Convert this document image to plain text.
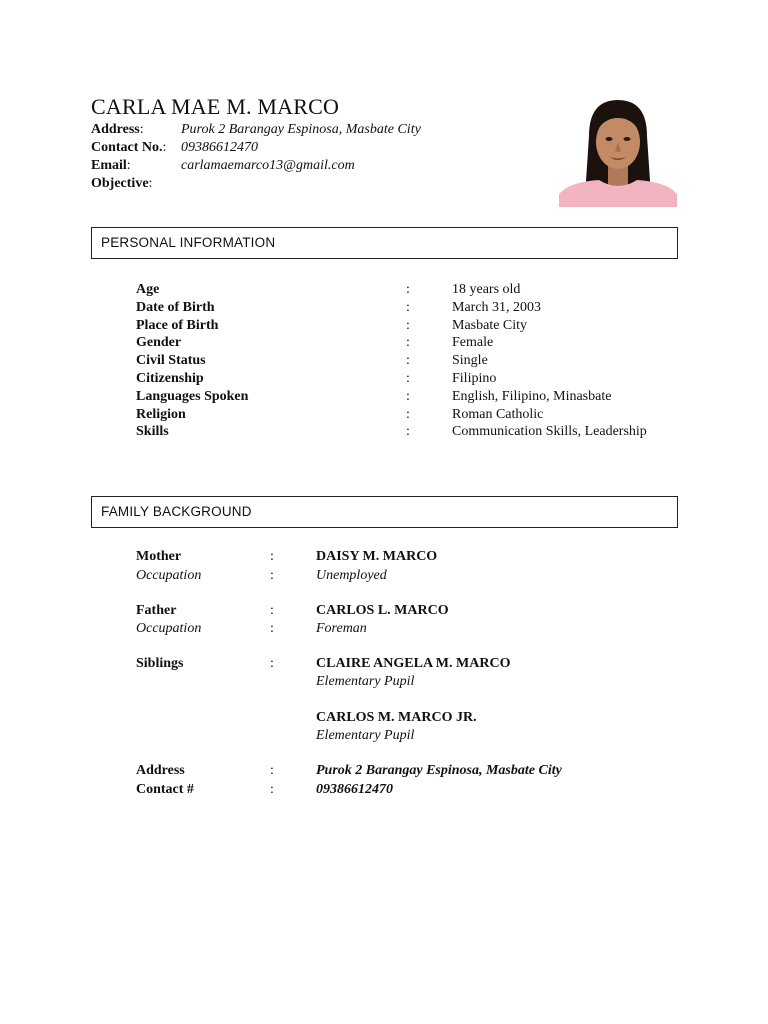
CARLA MAE M. MARCO
Address:	Purok 2 Barangay Espinosa, Masbate City
Contact No.: 09386612470
Email:	carlamaemarco13@gmail.com
Objective:
PERSONAL INFORMATION
Age	:	18 years old
Date of Birth	:	March 31, 2003
Place of Birth	:	Masbate City
Gender	:	Female
Civil Status	:	Single
Citizenship	:	Filipino
Languages Spoken	:	English, Filipino, Minasbate
Religion	:	Roman Catholic
Skills	:	Communication Skills, Leadership
FAMILY BACKGROUND
Mother	:	DAISY M. MARCO
Occupation	:	Unemployed
Father	:	CARLOS L. MARCO
Occupation	:	Foreman
Siblings	:	CLAIRE ANGELA M. MARCO
Elementary Pupil
CARLOS M. MARCO JR.
Elementary Pupil
Address	:	Purok 2 Barangay Espinosa, Masbate City
Contact #	:	09386612470
